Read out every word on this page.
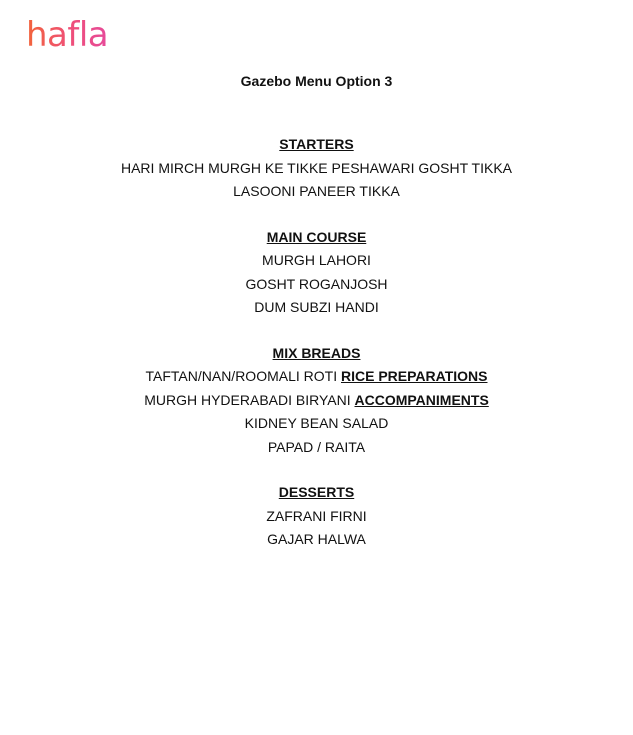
hafla
Gazebo Menu Option 3
STARTERS
HARI MIRCH MURGH KE TIKKE PESHAWARI GOSHT TIKKA
LASOONI PANEER TIKKA
MAIN COURSE
MURGH LAHORI
GOSHT ROGANJOSH
DUM SUBZI HANDI
MIX BREADS
TAFTAN/NAN/ROOMALI ROTI RICE PREPARATIONS
MURGH HYDERABADI BIRYANI ACCOMPANIMENTS
KIDNEY BEAN SALAD
PAPAD / RAITA
DESSERTS
ZAFRANI FIRNI
GAJAR HALWA
